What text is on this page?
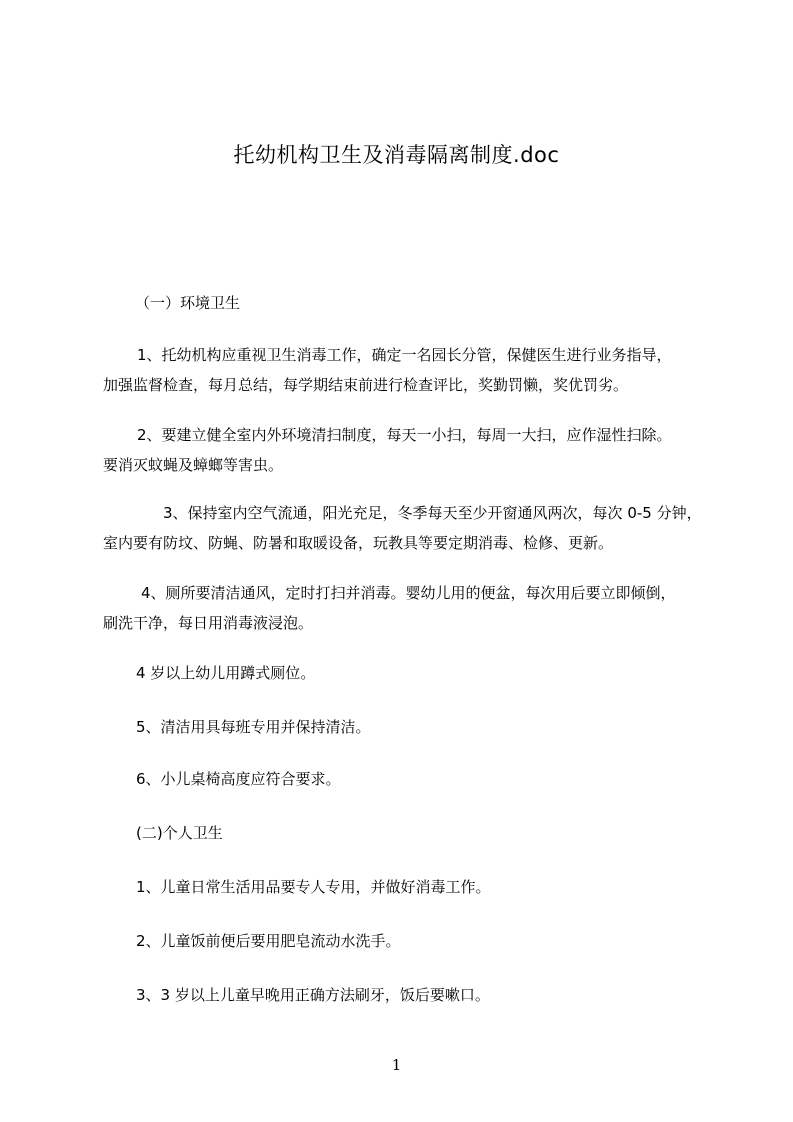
托幼机构卫生及消毒隔离制度.doc
（一）环境卫生
1、托幼机构应重视卫生消毒工作，确定一名园长分管，保健医生进行业务指导，
加强监督检查，每月总结，每学期结束前进行检查评比，奖勤罚懒，奖优罚劣。
2、要建立健全室内外环境清扫制度，每天一小扫，每周一大扫，应作湿性扫除。
要消灭蚊蝇及蟑螂等害虫。
3、保持室内空气流通，阳光充足，冬季每天至少开窗通风两次，每次 0-5 分钟，
室内要有防坟、防蝇、防暑和取暖设备，玩教具等要定期消毒、检修、更新。
4、厕所要清洁通风，定时打扫并消毒。婴幼儿用的便盆，每次用后要立即倾倒，
刷洗干净，每日用消毒液浸泡。
4 岁以上幼儿用蹲式厕位。
5、清洁用具每班专用并保持清洁。
6、小儿桌椅高度应符合要求。
(二)个人卫生
1、儿童日常生活用品要专人专用，并做好消毒工作。
2、儿童饭前便后要用肥皂流动水洗手。
3、3 岁以上儿童早晚用正确方法刷牙，饭后要嗽口。
1
